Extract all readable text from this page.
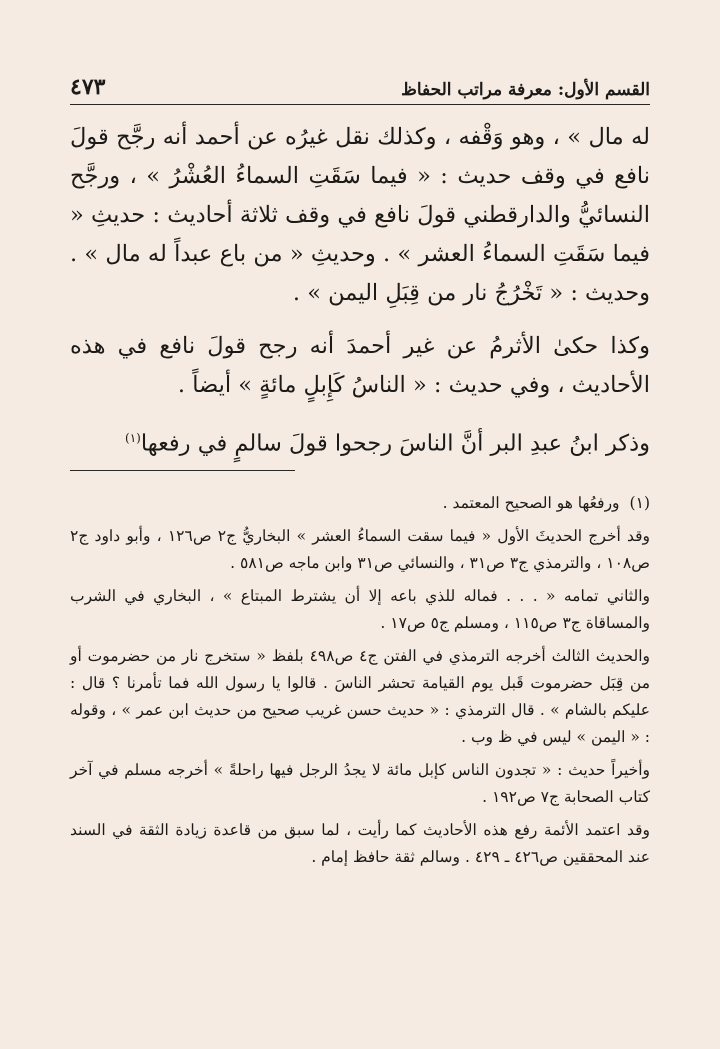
القسم الأول: معرفة مراتب الحفاظ
٤٧٣

له مال » ، وهو وَقْفه ، وكذلك نقل غيرُه عن أحمد أنه رجَّح قولَ نافع في وقف حديث : « فيما سَقَتِ السماءُ العُشْرُ » ، ورجَّح النسائيُّ والدارقطني قولَ نافع في وقف ثلاثة أحاديث : حديثِ « فيما سَقَتِ السماءُ العشر » . وحديثِ « من باع عبداً له مال » . وحديث : « تَخْرُجُ نار من قِبَلِ اليمن » .

وكذا حكىٰ الأثرمُ عن غير أحمدَ أنه رجح قولَ نافع في هذه الأحاديث ، وفي حديث : « الناسُ كَإِبلٍ مائةٍ » أيضاً .

وذكر ابنُ عبدِ البر أنَّ الناسَ رجحوا قولَ سالمٍ في رفعها$^{(١)}$

(١)ورفعُها هو الصحيح المعتمد .

وقد أخرج الحديثَ الأول « فيما سقت السماءُ العشر » البخاريُّ ج٢ ص١٢٦ ، وأبو داود ج٢ ص١٠٨ ، والترمذي ج٣ ص٣١ ، والنسائي ص٣١ وابن ماجه ص٥٨١ .

والثاني تمامه « . . . فماله للذي باعه إلا أن يشترط المبتاع » ، البخاري في الشرب والمساقاة ج٣ ص١١٥ ، ومسلم ج٥ ص١٧ .

والحديث الثالث أخرجه الترمذي في الفتن ج٤ ص٤٩٨ بلفظ « ستخرج نار من حضرموت أو من قِبَل حضرموت قَبل يوم القيامة تحشر الناسَ . قالوا يا رسول الله فما تأمرنا ؟ قال : عليكم بالشام » . قال الترمذي : « حديث حسن غريب صحيح من حديث ابن عمر » ، وقوله : « اليمن » ليس في ظ وب .

وأخيراً حديث : « تجدون الناس كإبل مائة لا يجدُ الرجل فيها راحلةً » أخرجه مسلم في آخر كتاب الصحابة ج٧ ص١٩٢ .

وقد اعتمد الأئمة رفع هذه الأحاديث كما رأيت ، لما سبق من قاعدة زيادة الثقة في السند عند المحققين ص٤٢٦ ـ ٤٢٩ . وسالم ثقة حافظ إمام .
